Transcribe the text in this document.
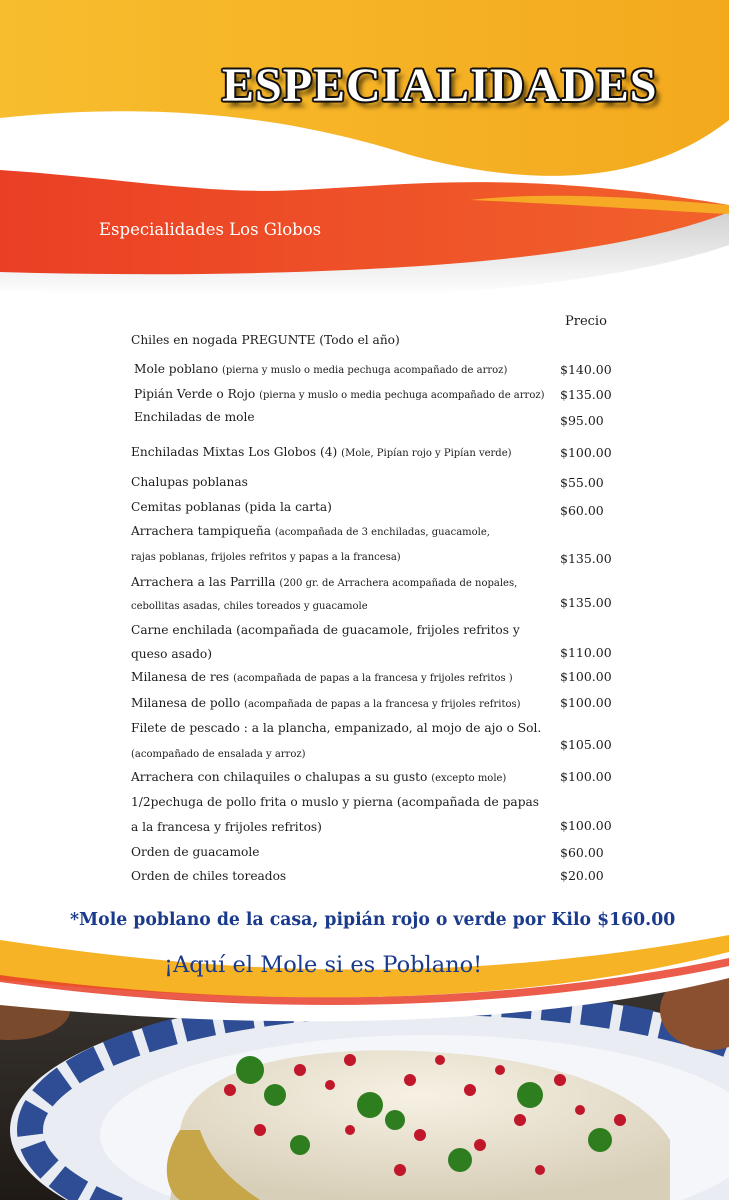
ESPECIALIDADES
Especialidades Los Globos
Precio
Chiles en nogada PREGUNTE (Todo el año)
Mole poblano (pierna y muslo o media pechuga acompañado de arroz)	$140.00
Pipián Verde o Rojo (pierna y muslo o media pechuga acompañado de arroz) $135.00
Enchiladas de mole	$95.00
Enchiladas Mixtas Los Globos (4) (Mole, Pipían rojo y Pipían verde)	$100.00
Chalupas poblanas	$55.00
Cemitas poblanas (pida la carta)	$60.00
Arrachera tampiqueña (acompañada de 3 enchiladas, guacamole,
rajas poblanas, frijoles refritos y papas a la francesa)	$135.00
Arrachera a las Parrilla (200 gr. de Arrachera acompañada de nopales,
cebollitas asadas, chiles toreados y guacamole	$135.00
Carne enchilada (acompañada de guacamole, frijoles refritos y
queso asado)	$110.00
Milanesa de res (acompañada de papas a la francesa y frijoles refritos )	$100.00
Milanesa de pollo (acompañada de papas a la francesa y frijoles refritos)	$100.00
Filete de pescado : a la plancha, empanizado, al mojo de ajo o Sol.
(acompañado de ensalada y arroz)
$105.00
Arrachera con chilaquiles o chalupas a su gusto (excepto mole)	$100.00
1/2pechuga de pollo frita o muslo y pierna (acompañada de papas
a la francesa y frijoles refritos)	$100.00
Orden de guacamole	$60.00
Orden de chiles toreados	$20.00
*Mole poblano de la casa, pipián rojo o verde por Kilo $160.00
¡Aquí el Mole si es Poblano!
